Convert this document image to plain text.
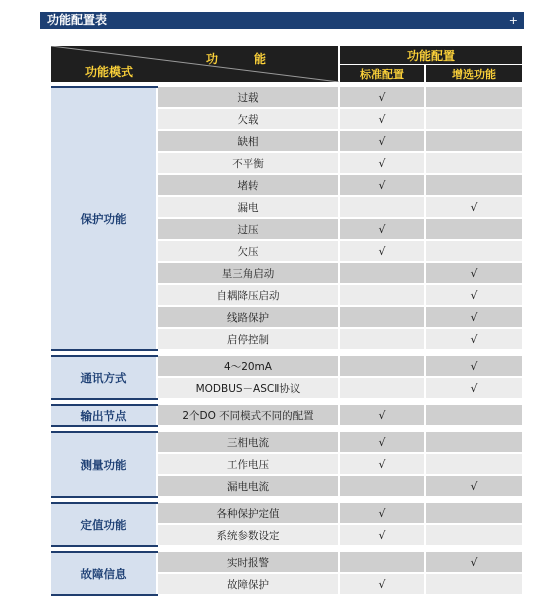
功能配置表	+
功　能
功能模式		功能配置	
		标准配置	增选功能

保护功能	过载	√	
	欠载	√	
	缺相	√	
	不平衡	√	
	堵转	√	
	漏电		√
	过压	√	
	欠压	√	
	星三角启动		√
	自耦降压启动		√
	线路保护		√
	启停控制		√

通讯方式	4～20mA		√
	MODBUS－ASCⅡ协议		√

输出节点	2个DO 不同模式不同的配置	√	

测量功能	三相电流	√	
	工作电压	√	
	漏电电流		√

定值功能	各种保护定值	√	
	系统参数设定	√	

故障信息	实时报警		√
	故障保护	√	
